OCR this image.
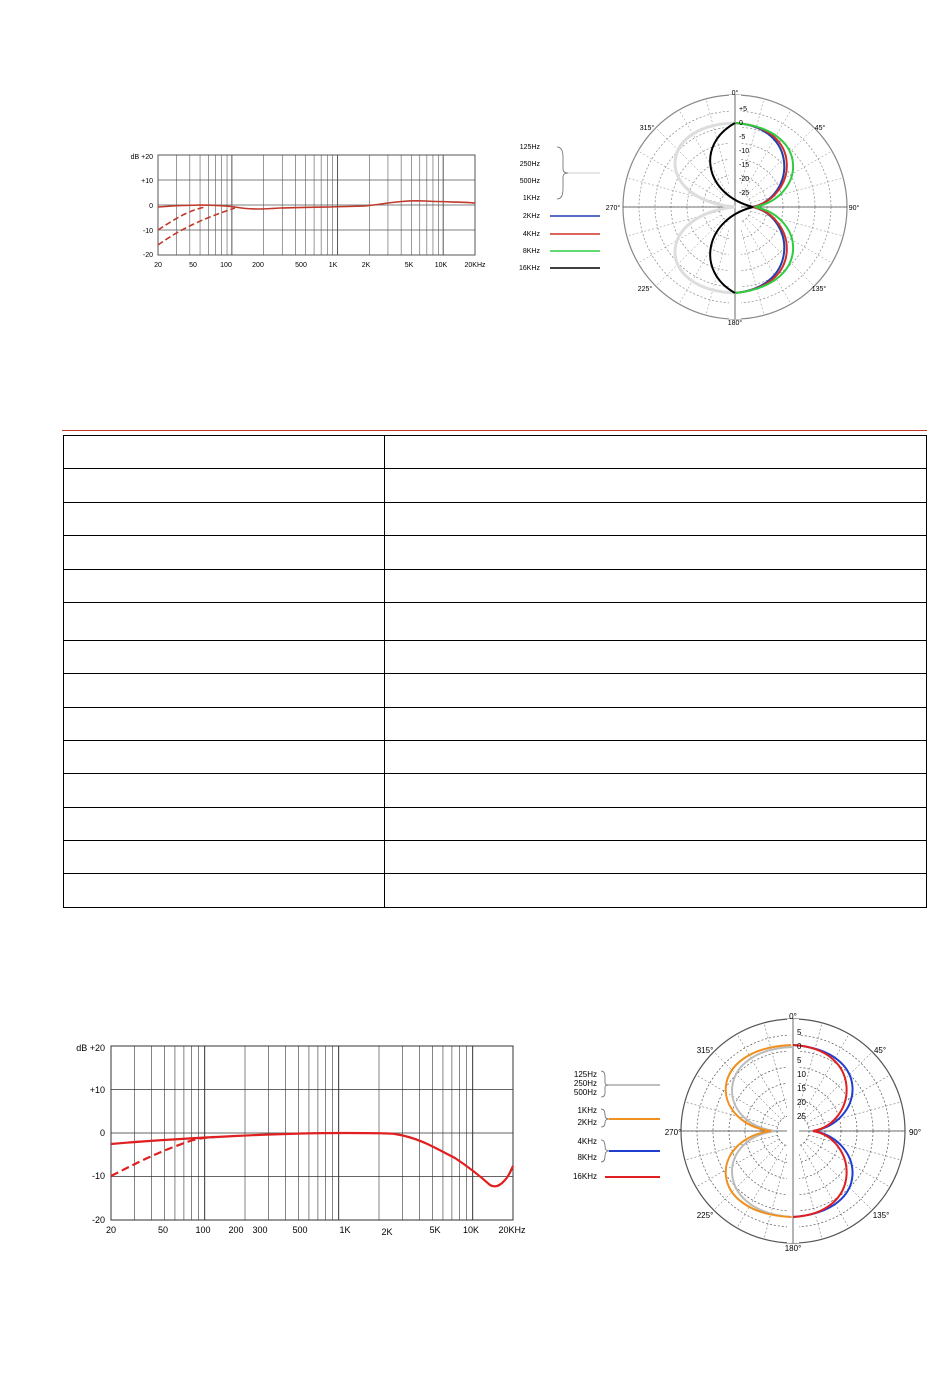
dB +20
+10
0
-10
-20
20	50	100	200	500	1K	2K	5K	10K 20KHz
0°
45°
90°
135°
180°
225°
270°
315°
+5
0
-5
-10
-15
-20
-25
125Hz
250Hz
500Hz
1KHz
2KHz
4KHz
8KHz
16KHz

dB +20
+10
0
-10
-20
20	50	100 200 300	500	1K	2K	5K 10K 20KHz
0°
45°
90°
135°
180°
225°
270°
315°
5
0
5
10
15
20
25
125Hz
250Hz
500Hz
1KHz
2KHz
4KHz
8KHz
16KHz
